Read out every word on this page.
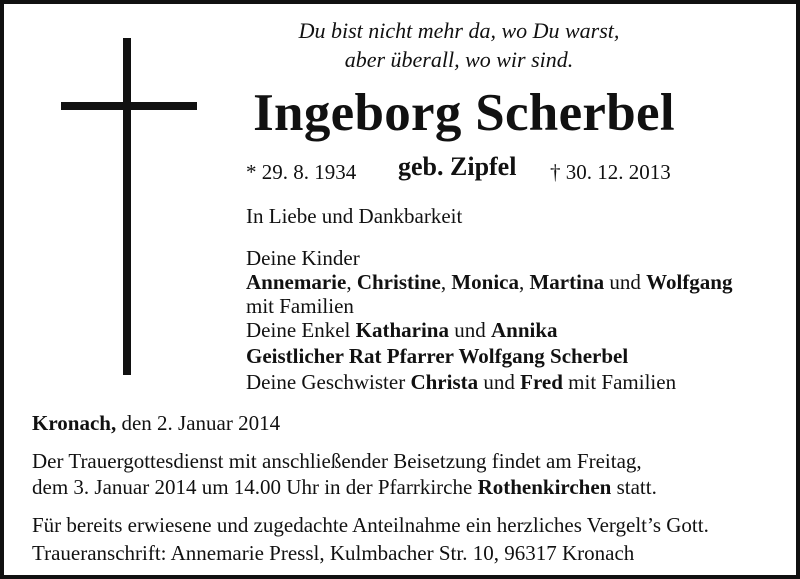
Du bist nicht mehr da, wo Du warst,
aber überall, wo wir sind.
Ingeborg Scherbel
* 29. 8. 1934 geb. Zipfel † 30. 12. 2013
In Liebe und Dankbarkeit
Deine Kinder
Annemarie, Christine, Monica, Martina und Wolfgang
mit Familien
Deine Enkel Katharina und Annika
Geistlicher Rat Pfarrer Wolfgang Scherbel
Deine Geschwister Christa und Fred mit Familien
Kronach, den 2. Januar 2014
Der Trauergottesdienst mit anschließender Beisetzung findet am Freitag,
dem 3. Januar 2014 um 14.00 Uhr in der Pfarrkirche Rothenkirchen statt.
Für bereits erwiesene und zugedachte Anteilnahme ein herzliches Vergelt’s Gott.
Traueranschrift: Annemarie Pressl, Kulmbacher Str. 10, 96317 Kronach
